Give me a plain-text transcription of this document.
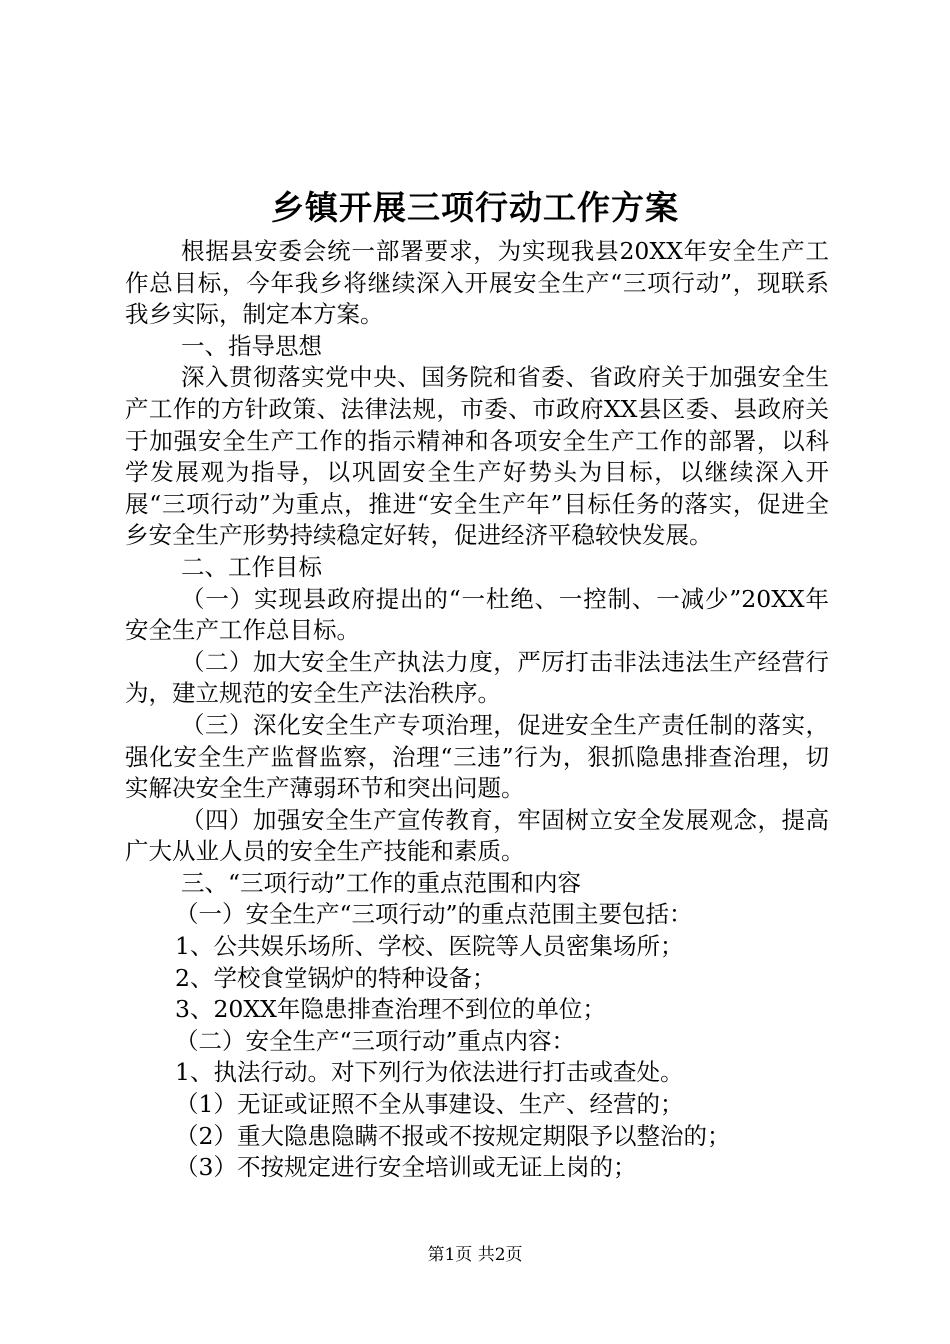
乡镇开展三项行动工作方案

根据县安委会统一部署要求，为实现我县20XX年安全生产工作总目标，今年我乡将继续深入开展安全生产“三项行动”，现联系我乡实际，制定本方案。

一、指导思想

深入贯彻落实党中央、国务院和省委、省政府关于加强安全生产工作的方针政策、法律法规，市委、市政府XX县区委、县政府关于加强安全生产工作的指示精神和各项安全生产工作的部署，以科学发展观为指导，以巩固安全生产好势头为目标，以继续深入开展“三项行动”为重点，推进“安全生产年”目标任务的落实，促进全乡安全生产形势持续稳定好转，促进经济平稳较快发展。

二、工作目标

（一）实现县政府提出的“一杜绝、一控制、一减少”20XX年安全生产工作总目标。

（二）加大安全生产执法力度，严厉打击非法违法生产经营行为，建立规范的安全生产法治秩序。

（三）深化安全生产专项治理，促进安全生产责任制的落实，强化安全生产监督监察，治理“三违”行为，狠抓隐患排查治理，切实解决安全生产薄弱环节和突出问题。

（四）加强安全生产宣传教育，牢固树立安全发展观念，提高广大从业人员的安全生产技能和素质。

三、“三项行动”工作的重点范围和内容

（一）安全生产“三项行动”的重点范围主要包括：

1、公共娱乐场所、学校、医院等人员密集场所；

2、学校食堂锅炉的特种设备；

3、20XX年隐患排查治理不到位的单位；

（二）安全生产“三项行动”重点内容：

1、执法行动。对下列行为依法进行打击或查处。

（1）无证或证照不全从事建设、生产、经营的；

（2）重大隐患隐瞒不报或不按规定期限予以整治的；

（3）不按规定进行安全培训或无证上岗的；

第1页 共2页
